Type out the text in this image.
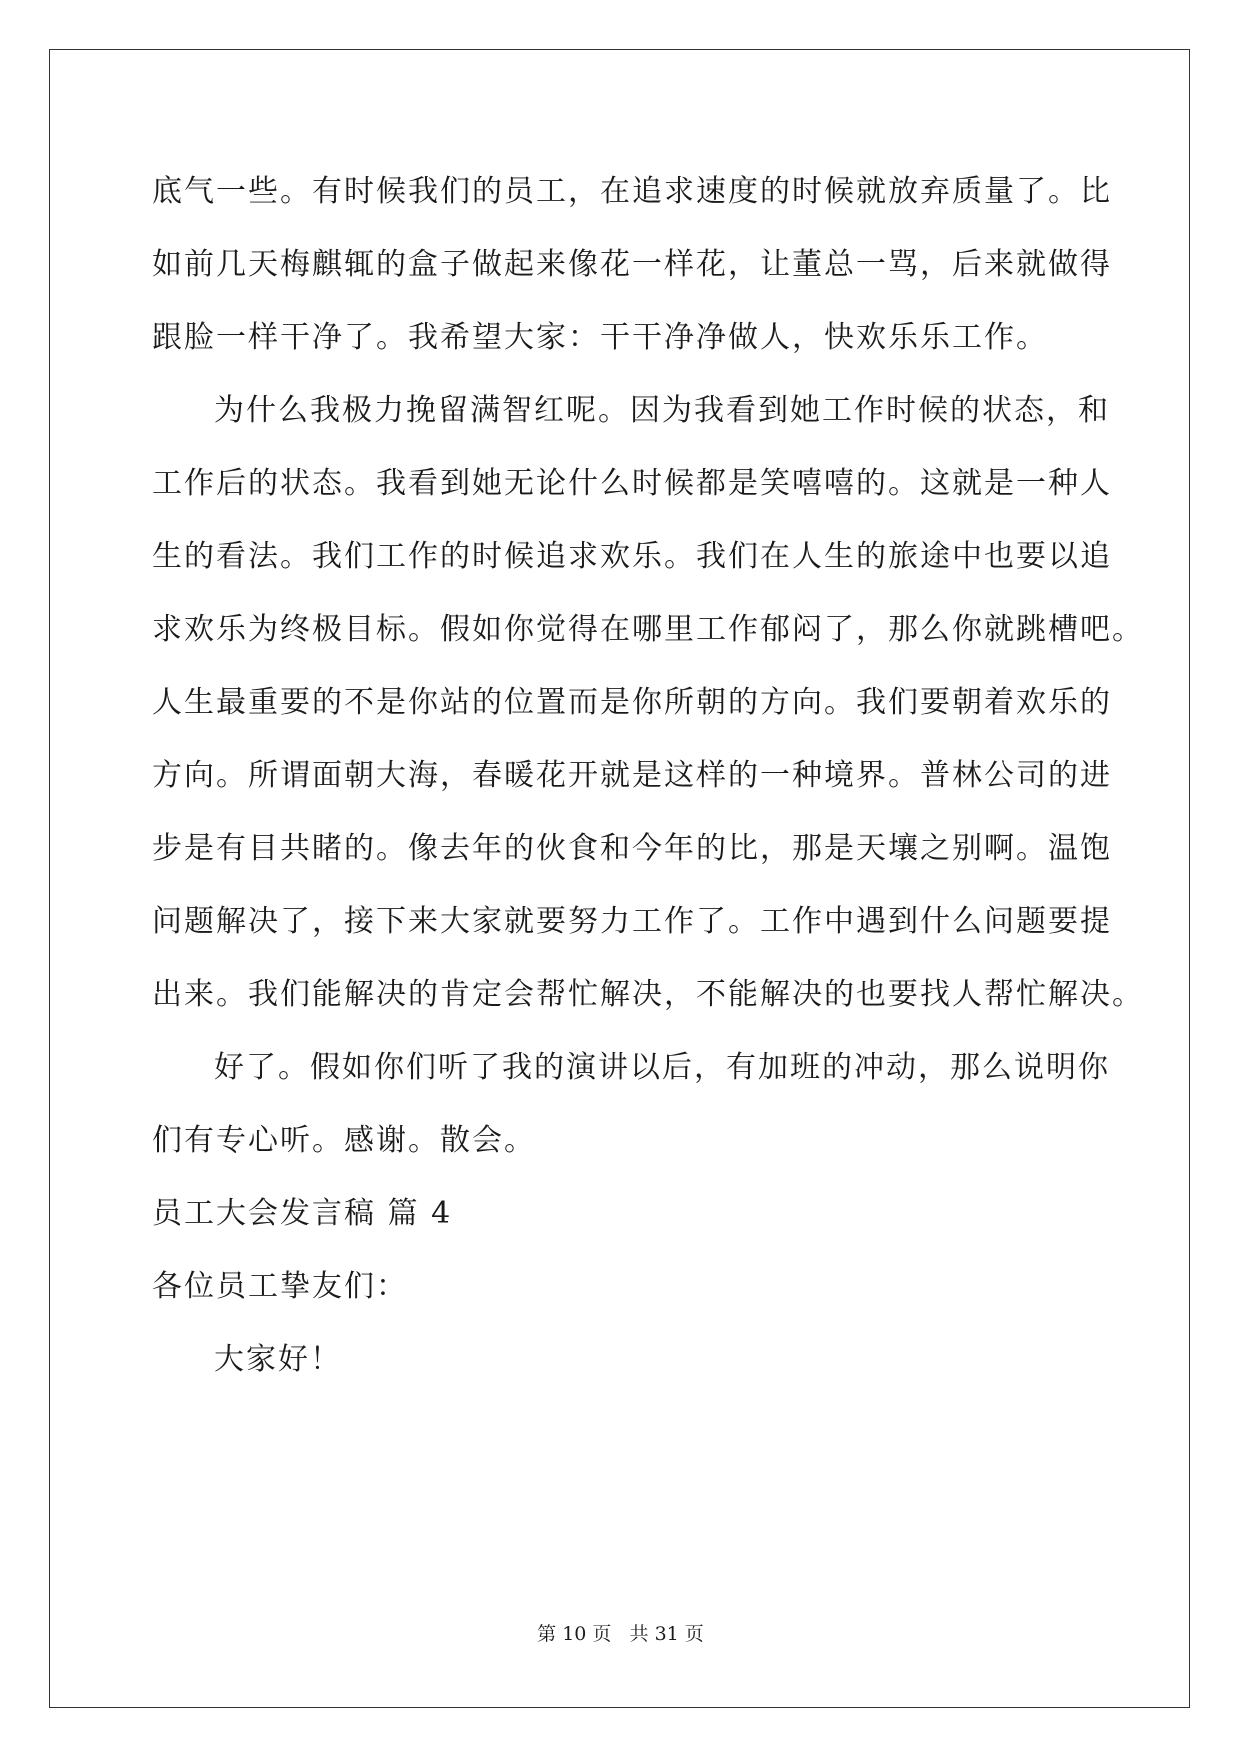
底气一些。有时候我们的员工，在追求速度的时候就放弃质量了。比
如前几天梅麒辄的盒子做起来像花一样花，让董总一骂，后来就做得
跟脸一样干净了。我希望大家：干干净净做人，快欢乐乐工作。
为什么我极力挽留满智红呢。因为我看到她工作时候的状态，和
工作后的状态。我看到她无论什么时候都是笑嘻嘻的。这就是一种人
生的看法。我们工作的时候追求欢乐。我们在人生的旅途中也要以追
求欢乐为终极目标。假如你觉得在哪里工作郁闷了，那么你就跳槽吧。
人生最重要的不是你站的位置而是你所朝的方向。我们要朝着欢乐的
方向。所谓面朝大海，春暖花开就是这样的一种境界。普林公司的进
步是有目共睹的。像去年的伙食和今年的比，那是天壤之别啊。温饱
问题解决了，接下来大家就要努力工作了。工作中遇到什么问题要提
出来。我们能解决的肯定会帮忙解决，不能解决的也要找人帮忙解决。
好了。假如你们听了我的演讲以后，有加班的冲动，那么说明你
们有专心听。感谢。散会。
员工大会发言稿 篇 4
各位员工挚友们：
大家好！
第 10 页   共 31 页
